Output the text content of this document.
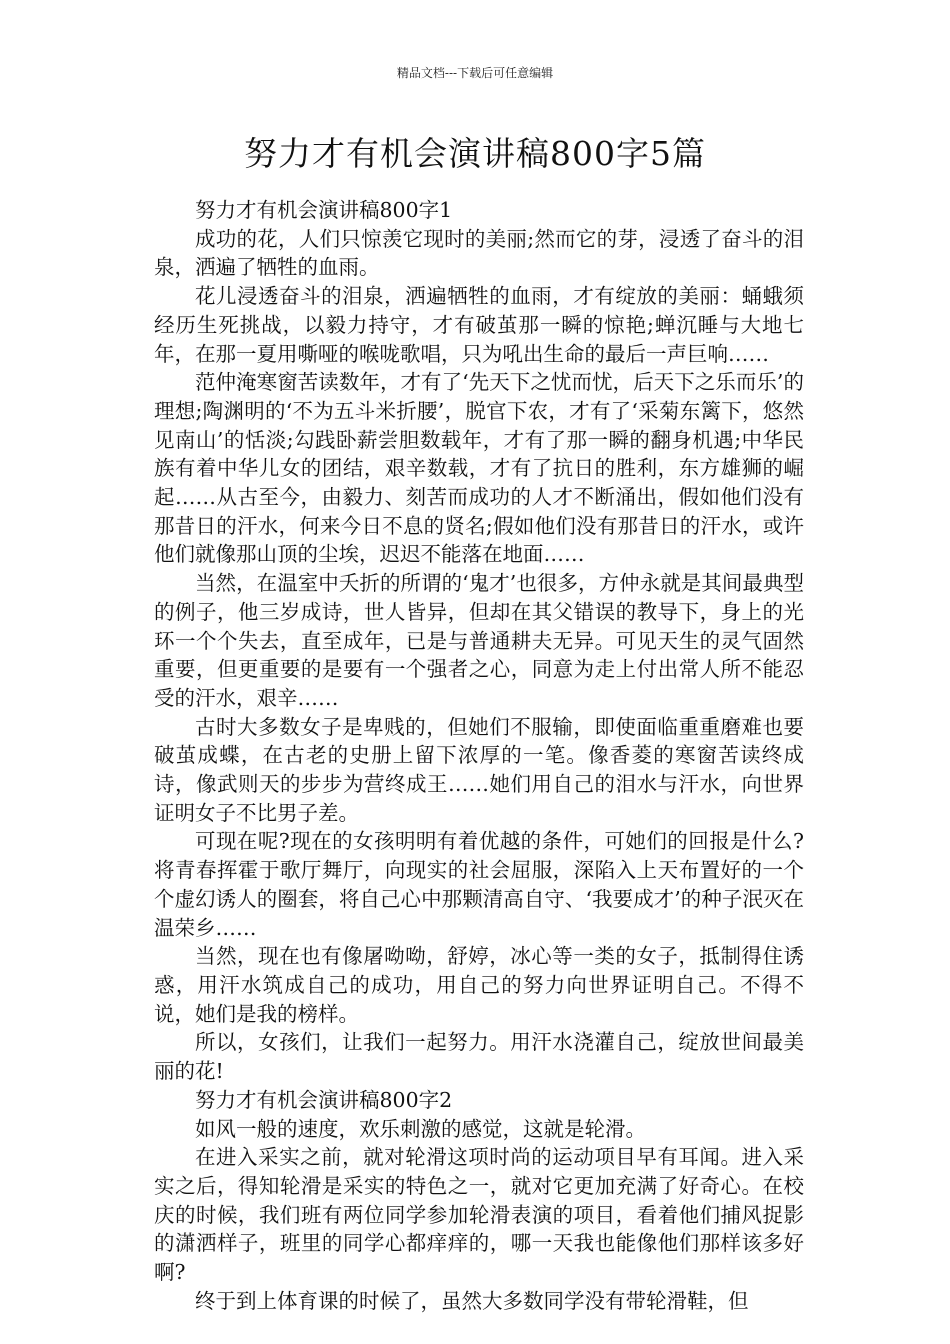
精品文档---下载后可任意编辑
努力才有机会演讲稿800字5篇

努力才有机会演讲稿800字1

成功的花，人们只惊羡它现时的美丽;然而它的芽，浸透了奋斗的泪泉，洒遍了牺牲的血雨。

花儿浸透奋斗的泪泉，洒遍牺牲的血雨，才有绽放的美丽：蛹蛾须经历生死挑战，以毅力持守，才有破茧那一瞬的惊艳;蝉沉睡与大地七年，在那一夏用嘶哑的喉咙歌唱，只为吼出生命的最后一声巨响……

范仲淹寒窗苦读数年，才有了‘先天下之忧而忧，后天下之乐而乐’的理想;陶渊明的‘不为五斗米折腰’，脱官下农，才有了‘采菊东篱下，悠然见南山’的恬淡;勾践卧薪尝胆数载年，才有了那一瞬的翻身机遇;中华民族有着中华儿女的团结，艰辛数载，才有了抗日的胜利，东方雄狮的崛起……从古至今，由毅力、刻苦而成功的人才不断涌出，假如他们没有那昔日的汗水，何来今日不息的贤名;假如他们没有那昔日的汗水，或许他们就像那山顶的尘埃，迟迟不能落在地面……

当然，在温室中夭折的所谓的‘鬼才’也很多，方仲永就是其间最典型的例子，他三岁成诗，世人皆异，但却在其父错误的教导下，身上的光环一个个失去，直至成年，已是与普通耕夫无异。可见天生的灵气固然重要，但更重要的是要有一个强者之心，同意为走上付出常人所不能忍受的汗水，艰辛……

古时大多数女子是卑贱的，但她们不服输，即使面临重重磨难也要破茧成蝶，在古老的史册上留下浓厚的一笔。像香菱的寒窗苦读终成诗，像武则天的步步为营终成王……她们用自己的泪水与汗水，向世界证明女子不比男子差。

可现在呢?现在的女孩明明有着优越的条件，可她们的回报是什么?将青春挥霍于歌厅舞厅，向现实的社会屈服，深陷入上天布置好的一个个虚幻诱人的圈套，将自己心中那颗清高自守、‘我要成才’的种子泯灭在温荣乡……

当然，现在也有像屠呦呦，舒婷，冰心等一类的女子，抵制得住诱惑，用汗水筑成自己的成功，用自己的努力向世界证明自己。不得不说，她们是我的榜样。

所以，女孩们，让我们一起努力。用汗水浇灌自己，绽放世间最美丽的花!

努力才有机会演讲稿800字2

如风一般的速度，欢乐刺激的感觉，这就是轮滑。

在进入采实之前，就对轮滑这项时尚的运动项目早有耳闻。进入采实之后，得知轮滑是采实的特色之一，就对它更加充满了好奇心。在校庆的时候，我们班有两位同学参加轮滑表演的项目，看着他们捕风捉影的潇洒样子，班里的同学心都痒痒的，哪一天我也能像他们那样该多好啊?

终于到上体育课的时候了，虽然大多数同学没有带轮滑鞋，但
